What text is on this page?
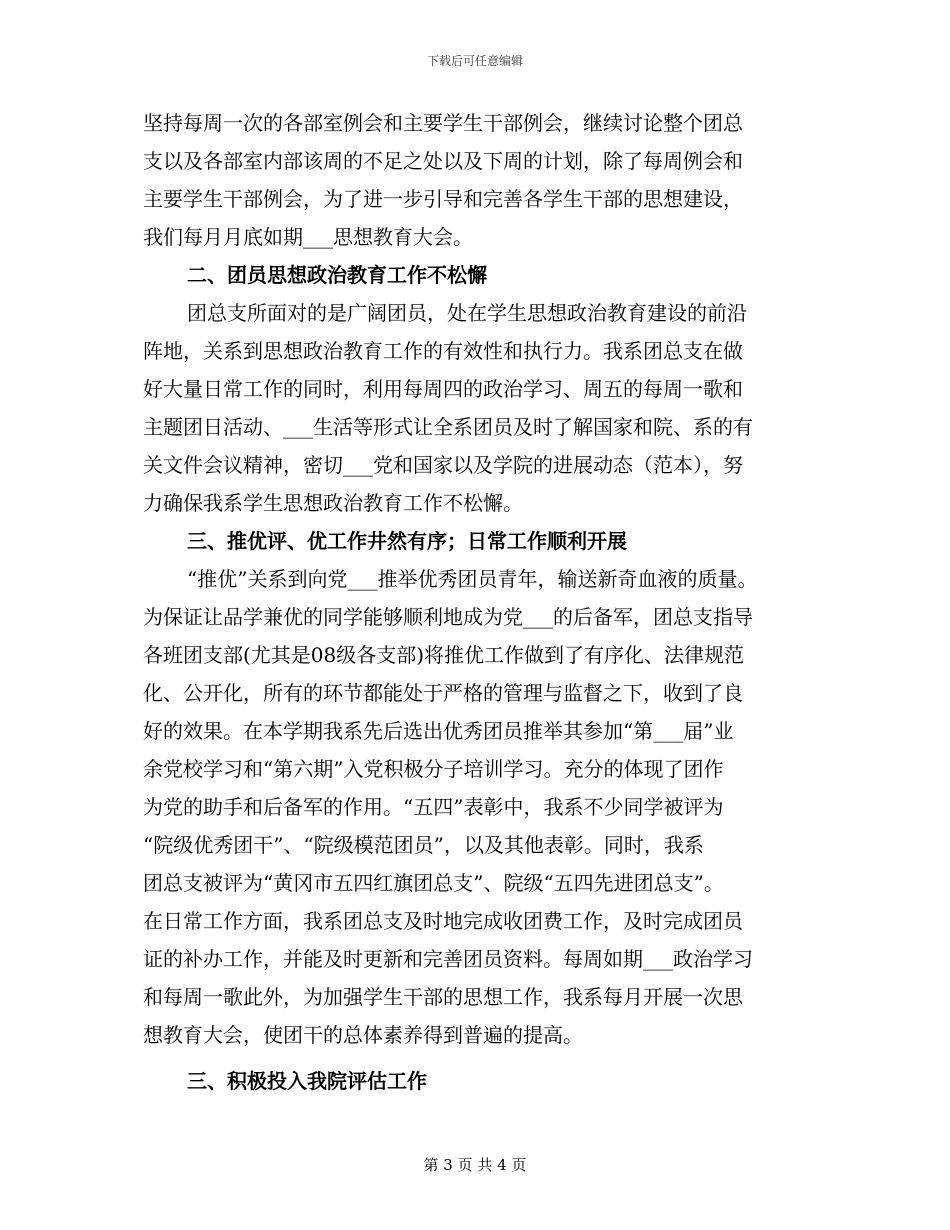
下载后可任意编辑
坚持每周一次的各部室例会和主要学生干部例会，继续讨论整个团总
支以及各部室内部该周的不足之处以及下周的计划，除了每周例会和
主要学生干部例会，为了进一步引导和完善各学生干部的思想建设，
我们每月月底如期___思想教育大会。
二、团员思想政治教育工作不松懈
团总支所面对的是广阔团员，处在学生思想政治教育建设的前沿
阵地，关系到思想政治教育工作的有效性和执行力。我系团总支在做
好大量日常工作的同时，利用每周四的政治学习、周五的每周一歌和
主题团日活动、___生活等形式让全系团员及时了解国家和院、系的有
关文件会议精神，密切___党和国家以及学院的进展动态（范本），努
力确保我系学生思想政治教育工作不松懈。
三、推优评、优工作井然有序；日常工作顺利开展
“推优”关系到向党___推举优秀团员青年，输送新奇血液的质量。
为保证让品学兼优的同学能够顺利地成为党___的后备军，团总支指导
各班团支部(尤其是08级各支部)将推优工作做到了有序化、法律规范
化、公开化，所有的环节都能处于严格的管理与监督之下，收到了良
好的效果。在本学期我系先后选出优秀团员推举其参加“第___届”业
余党校学习和“第六期”入党积极分子培训学习。充分的体现了团作
为党的助手和后备军的作用。“五四”表彰中，我系不少同学被评为
“院级优秀团干”、“院级模范团员”，以及其他表彰。同时，我系
团总支被评为“黄冈市五四红旗团总支”、院级“五四先进团总支”。
在日常工作方面，我系团总支及时地完成收团费工作，及时完成团员
证的补办工作，并能及时更新和完善团员资料。每周如期___政治学习
和每周一歌此外，为加强学生干部的思想工作，我系每月开展一次思
想教育大会，使团干的总体素养得到普遍的提高。
三、积极投入我院评估工作
第 3 页 共 4 页
